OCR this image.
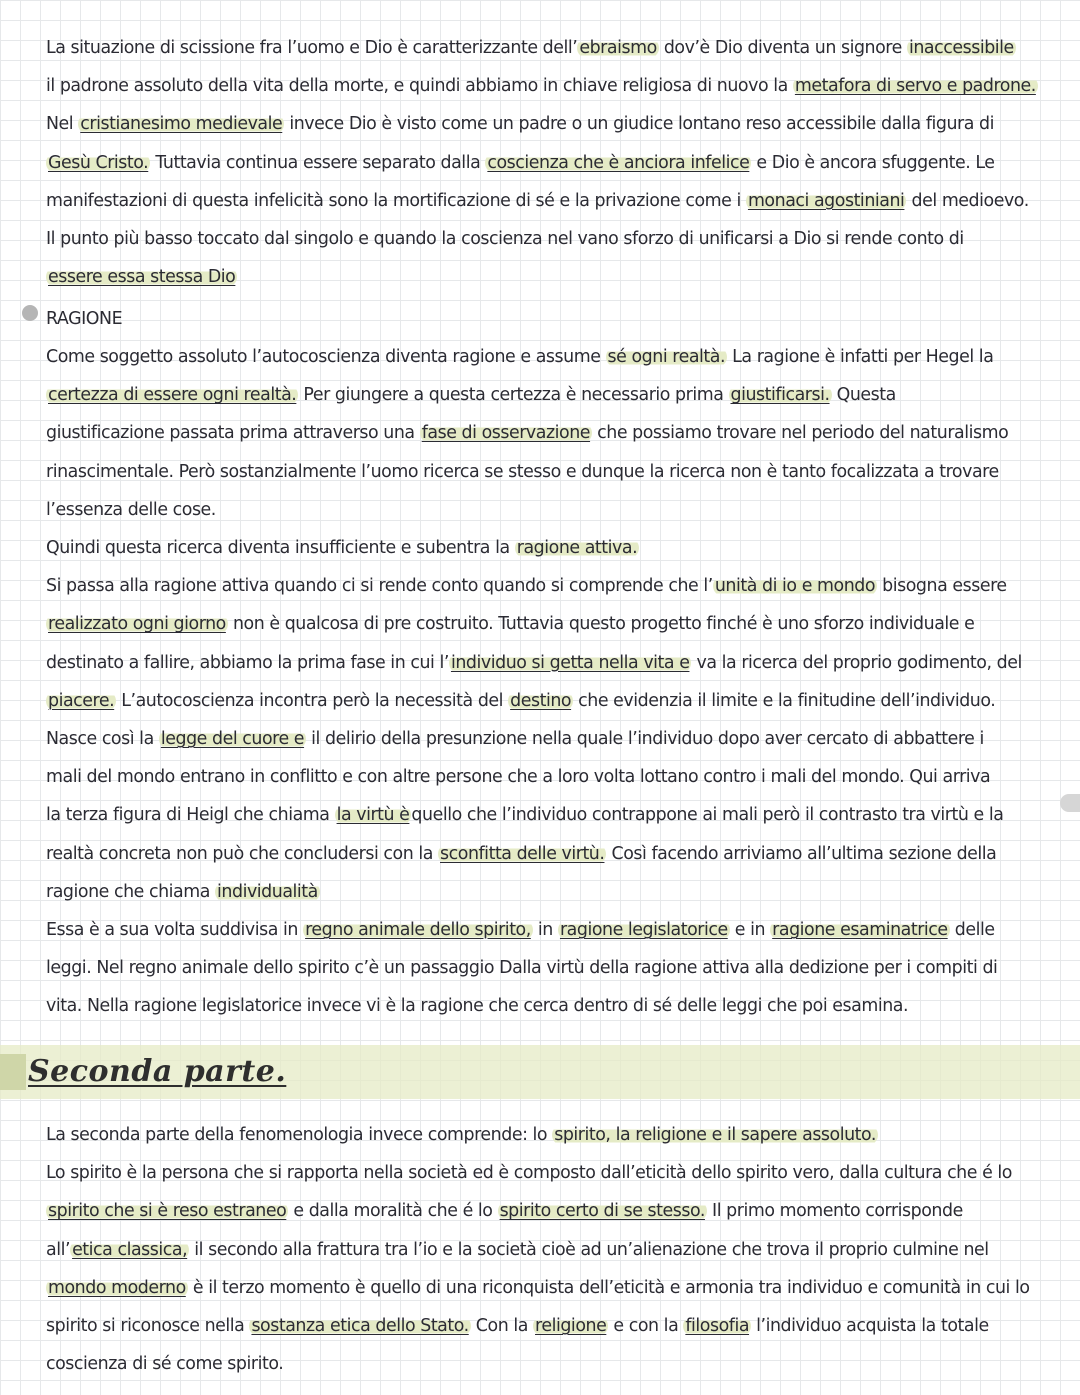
La situazione di scissione fra l’uomo e Dio è caratterizzante dell’ ebraismo dov’è Dio diventa un signore inaccessibile
il padrone assoluto della vita della morte, e quindi abbiamo in chiave religiosa di nuovo la metafora di servo e padrone.
Nel cristianesimo medievale invece Dio è visto come un padre o un giudice lontano reso accessibile dalla figura di
Gesù Cristo. Tuttavia continua essere separato dalla coscienza che è anciora infelice e Dio è ancora sfuggente. Le
manifestazioni di questa infelicità sono la mortificazione di sé e la privazione come i monaci agostiniani del medioevo.
Il punto più basso toccato dal singolo e quando la coscienza nel vano sforzo di unificarsi a Dio si rende conto di
essere essa stessa Dio
RAGIONE
Come soggetto assoluto l’autocoscienza diventa ragione e assume sé ogni realtà. La ragione è infatti per Hegel la
certezza di essere ogni realtà. Per giungere a questa certezza è necessario prima giustificarsi. Questa
giustificazione passata prima attraverso una fase di osservazione che possiamo trovare nel periodo del naturalismo
rinascimentale. Però sostanzialmente l’uomo ricerca se stesso e dunque la ricerca non è tanto focalizzata a trovare
l’essenza delle cose.
Quindi questa ricerca diventa insufficiente e subentra la ragione attiva.
Si passa alla ragione attiva quando ci si rende conto quando si comprende che l’ unità di io e mondo bisogna essere
realizzato ogni giorno non è qualcosa di pre costruito. Tuttavia questo progetto finché è uno sforzo individuale e
destinato a fallire, abbiamo la prima fase in cui l’ individuo si getta nella vita e va la ricerca del proprio godimento, del
piacere. L’autocoscienza incontra però la necessità del destino che evidenzia il limite e la finitudine dell’individuo.
Nasce così la legge del cuore e il delirio della presunzione nella quale l’individuo dopo aver cercato di abbattere i
mali del mondo entrano in conflitto e con altre persone che a loro volta lottano contro i mali del mondo. Qui arriva
la terza figura di Heigl che chiama la virtù è quello che l’individuo contrappone ai mali però il contrasto tra virtù e la
realtà concreta non può che concludersi con la sconfitta delle virtù. Così facendo arriviamo all’ultima sezione della
ragione che chiama individualità
Essa è a sua volta suddivisa in regno animale dello spirito, in ragione legislatorice e in ragione esaminatrice delle
leggi. Nel regno animale dello spirito c’è un passaggio Dalla virtù della ragione attiva alla dedizione per i compiti di
vita. Nella ragione legislatorice invece vi è la ragione che cerca dentro di sé delle leggi che poi esamina.
Seconda parte.
La seconda parte della fenomenologia invece comprende: lo spirito, la religione e il sapere assoluto.
Lo spirito è la persona che si rapporta nella società ed è composto dall’eticità dello spirito vero, dalla cultura che é lo
spirito che si è reso estraneo e dalla moralità che é lo spirito certo di se stesso. Il primo momento corrisponde
all’ etica classica, il secondo alla frattura tra l’io e la società cioè ad un’alienazione che trova il proprio culmine nel
mondo moderno è il terzo momento è quello di una riconquista dell’eticità e armonia tra individuo e comunità in cui lo
spirito si riconosce nella sostanza etica dello Stato. Con la religione e con la filosofia l’individuo acquista la totale
coscienza di sé come spirito.
